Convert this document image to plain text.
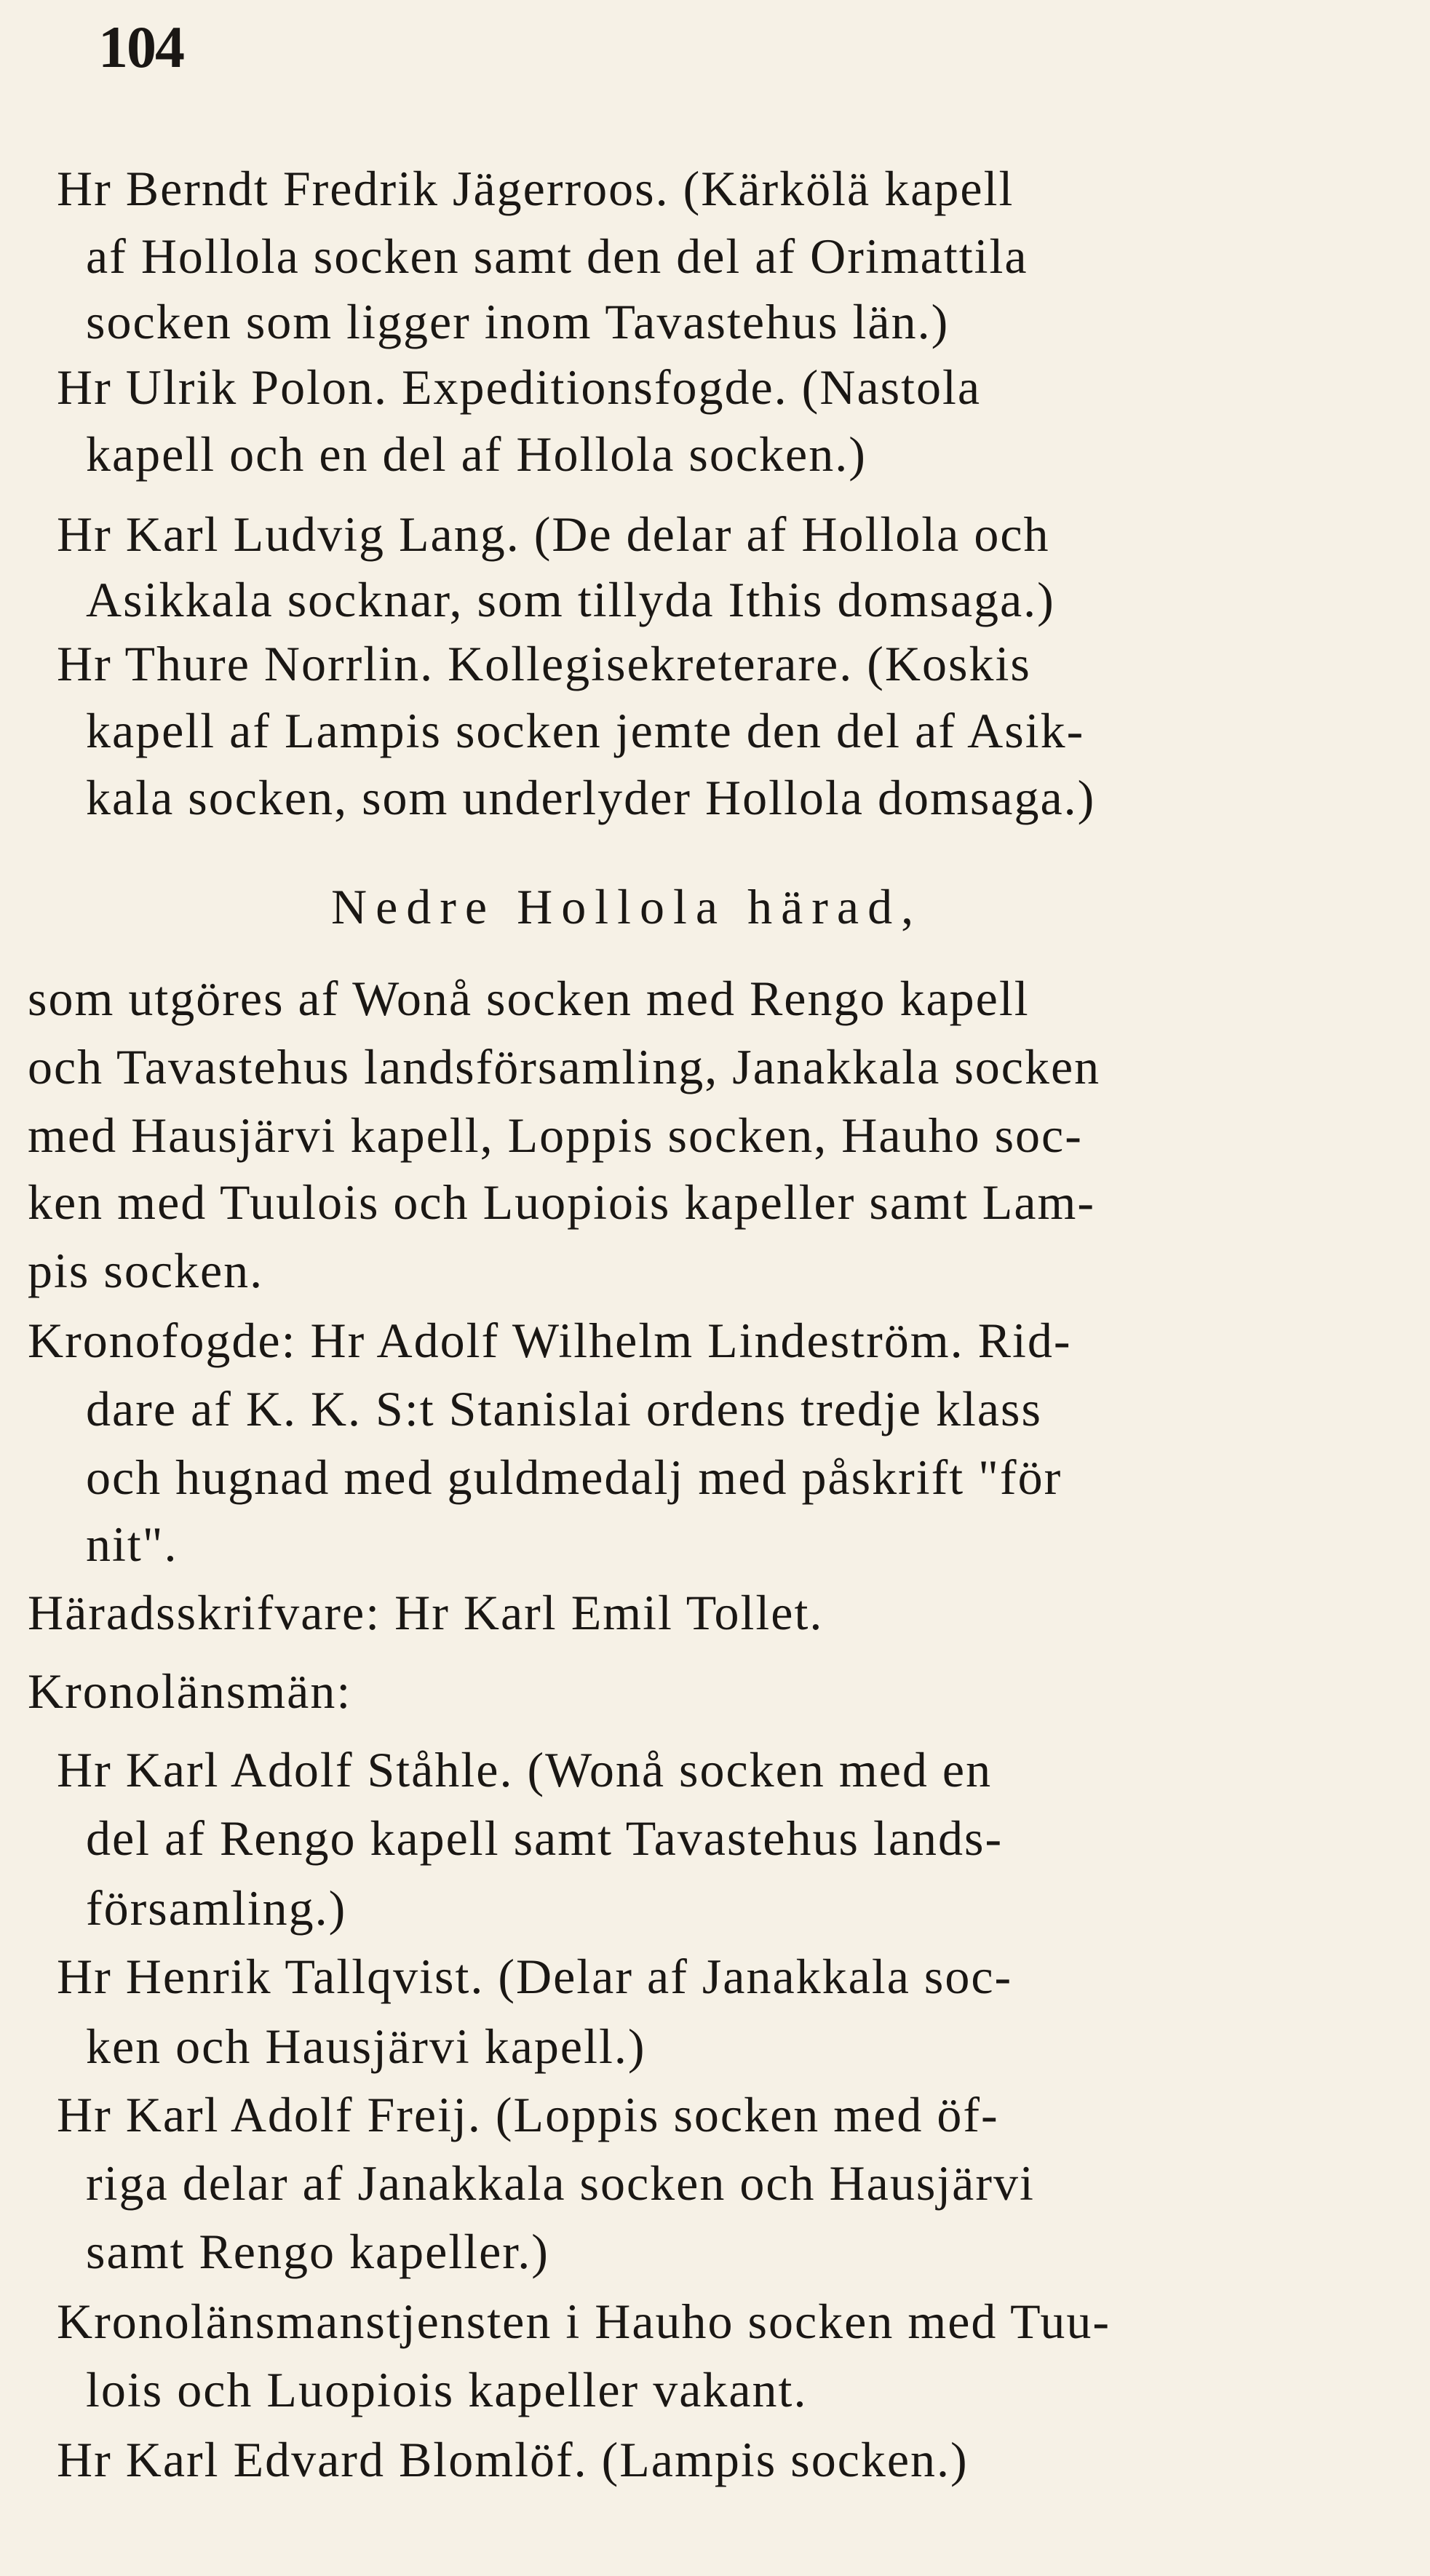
104
Hr Berndt Fredrik Jägerroos. (Kärkölä kapell
af Hollola socken samt den del af Orimattila
socken som ligger inom Tavastehus län.)
Hr Ulrik Polon. Expeditionsfogde. (Nastola
kapell och en del af Hollola socken.)
Hr Karl Ludvig Lang. (De delar af Hollola och
Asikkala socknar, som tillyda Ithis domsaga.)
Hr Thure Norrlin. Kollegisekreterare. (Koskis
kapell af Lampis socken jemte den del af Asik-
kala socken, som underlyder Hollola domsaga.)
Nedre Hollola härad,
som utgöres af Wonå socken med Rengo kapell
och Tavastehus landsförsamling, Janakkala socken
med Hausjärvi kapell, Loppis socken, Hauho soc-
ken med Tuulois och Luopiois kapeller samt Lam-
pis socken.
Kronofogde: Hr Adolf Wilhelm Lindeström. Rid-
dare af K. K. S:t Stanislai ordens tredje klass
och hugnad med guldmedalj med påskrift "för
nit".
Häradsskrifvare: Hr Karl Emil Tollet.
Kronolänsmän:
Hr Karl Adolf Ståhle. (Wonå socken med en
del af Rengo kapell samt Tavastehus lands-
församling.)
Hr Henrik Tallqvist. (Delar af Janakkala soc-
ken och Hausjärvi kapell.)
Hr Karl Adolf Freij. (Loppis socken med öf-
riga delar af Janakkala socken och Hausjärvi
samt Rengo kapeller.)
Kronolänsmanstjensten i Hauho socken med Tuu-
lois och Luopiois kapeller vakant.
Hr Karl Edvard Blomlöf. (Lampis socken.)
